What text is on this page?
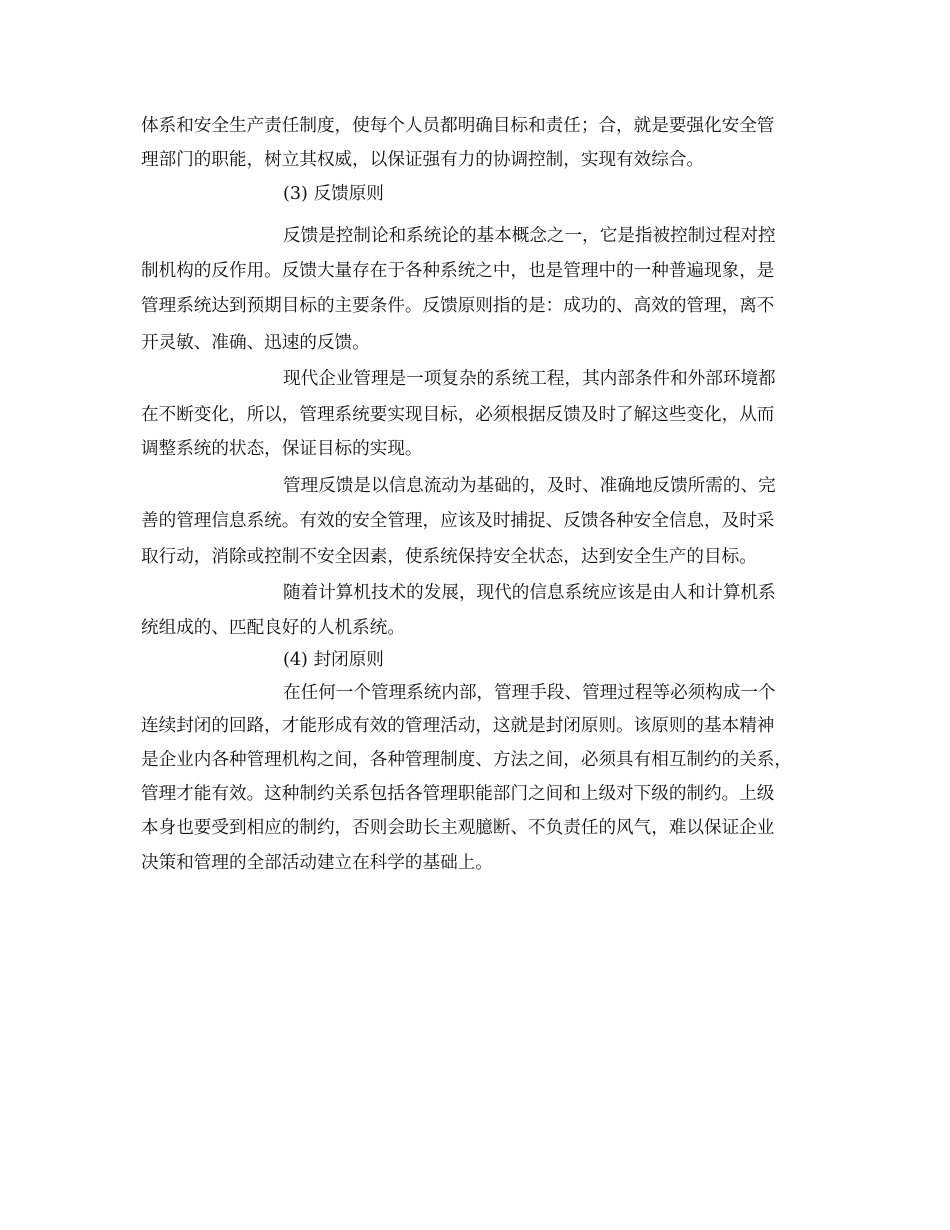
体系和安全生产责任制度，使每个人员都明确目标和责任；合，就是要强化安全管
理部门的职能，树立其权威，以保证强有力的协调控制，实现有效综合。
(3) 反馈原则
反馈是控制论和系统论的基本概念之一，它是指被控制过程对控
制机构的反作用。反馈大量存在于各种系统之中，也是管理中的一种普遍现象，是
管理系统达到预期目标的主要条件。反馈原则指的是：成功的、高效的管理，离不
开灵敏、准确、迅速的反馈。
现代企业管理是一项复杂的系统工程，其内部条件和外部环境都
在不断变化，所以，管理系统要实现目标，必须根据反馈及时了解这些变化，从而
调整系统的状态，保证目标的实现。
管理反馈是以信息流动为基础的，及时、准确地反馈所需的、完
善的管理信息系统。有效的安全管理，应该及时捕捉、反馈各种安全信息，及时采
取行动，消除或控制不安全因素，使系统保持安全状态，达到安全生产的目标。
随着计算机技术的发展，现代的信息系统应该是由人和计算机系
统组成的、匹配良好的人机系统。
(4) 封闭原则
在任何一个管理系统内部，管理手段、管理过程等必须构成一个
连续封闭的回路，才能形成有效的管理活动，这就是封闭原则。该原则的基本精神
是企业内各种管理机构之间，各种管理制度、方法之间，必须具有相互制约的关系，
管理才能有效。这种制约关系包括各管理职能部门之间和上级对下级的制约。上级
本身也要受到相应的制约，否则会助长主观臆断、不负责任的风气，难以保证企业
决策和管理的全部活动建立在科学的基础上。
